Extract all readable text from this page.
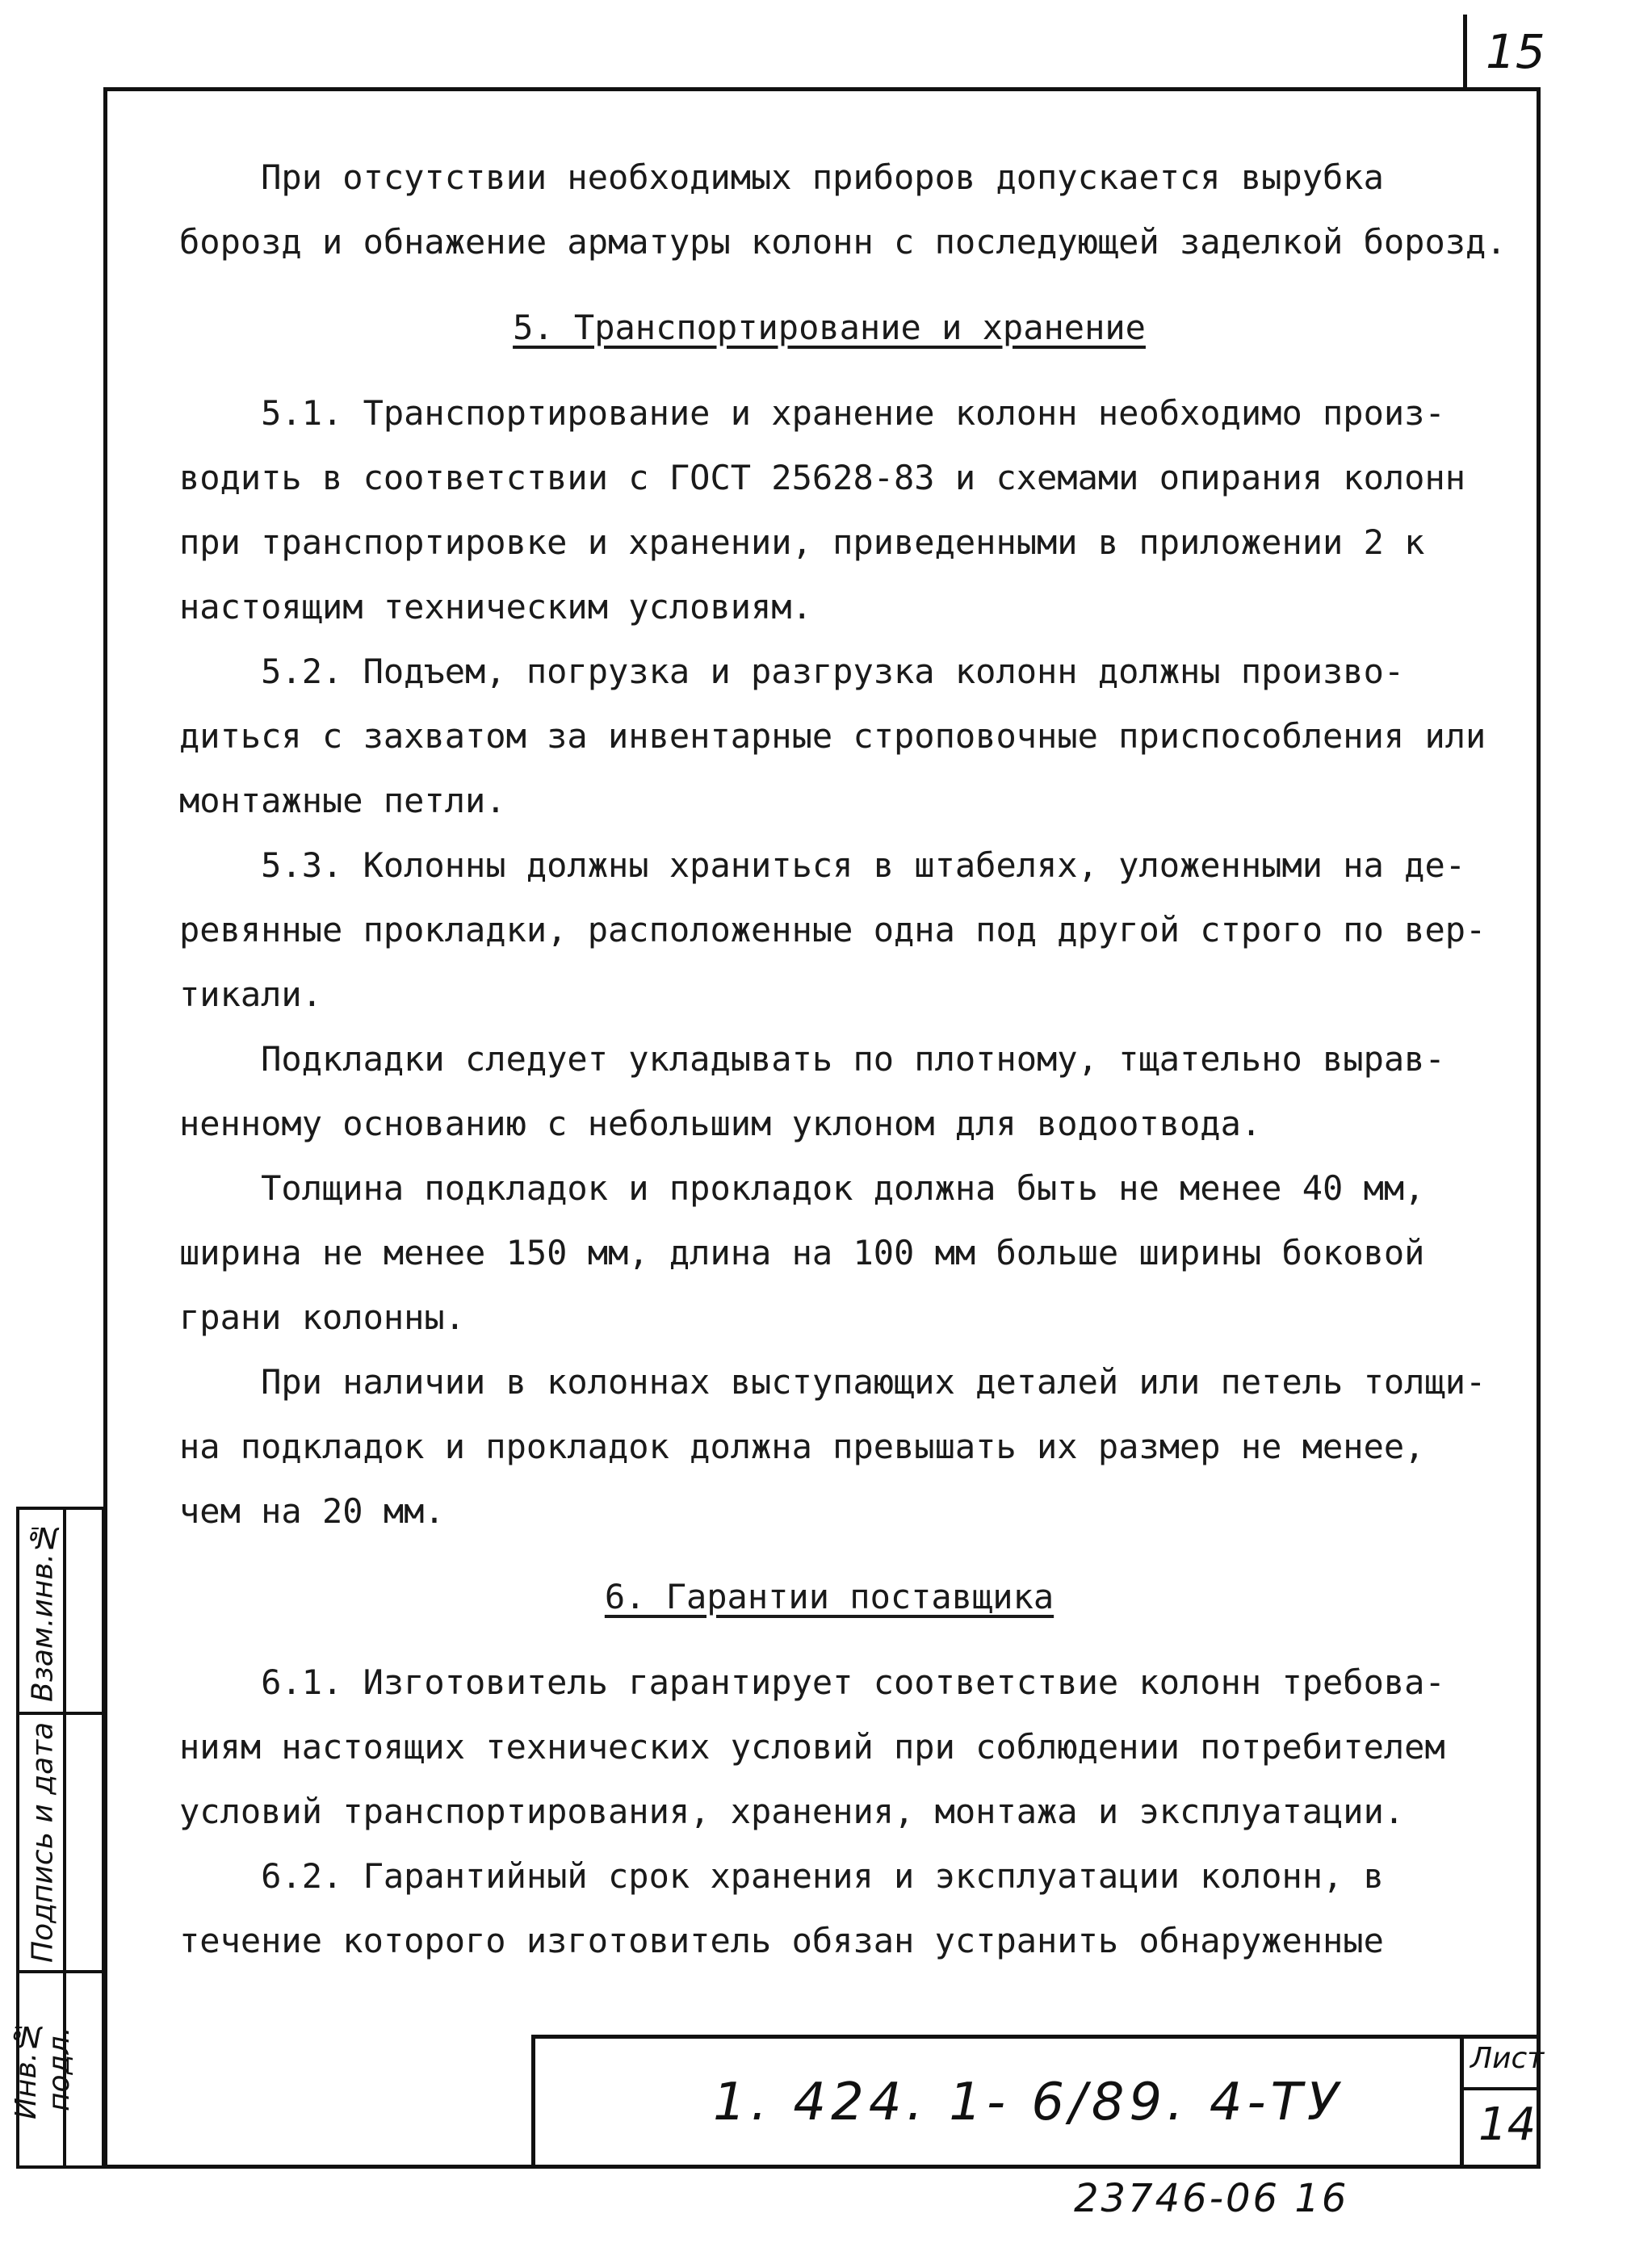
15

При отсутствии необходимых приборов допускается вырубка

борозд и обнажение арматуры колонн с последующей заделкой борозд.

5. Транспортирование и хранение

5.1. Транспортирование и хранение колонн необходимо произ-

водить в соответствии с ГОСТ 25628-83 и схемами опирания колонн

при транспортировке и хранении, приведенными в приложении 2 к

настоящим техническим условиям.

5.2. Подъем, погрузка и разгрузка колонн должны произво-

диться с захватом за инвентарные строповочные приспособления или

монтажные петли.

5.3. Колонны должны храниться в штабелях, уложенными на де-

ревянные прокладки, расположенные одна под другой строго по вер-

тикали.

Подкладки следует укладывать по плотному, тщательно вырав-

ненному основанию с небольшим уклоном для водоотвода.

Толщина подкладок и прокладок должна быть не менее 40 мм,

ширина не менее 150 мм, длина на 100 мм больше ширины боковой

грани колонны.

При наличии в колоннах выступающих деталей или петель толщи-

на подкладок и прокладок должна превышать их размер не менее,

чем на 20 мм.

6. Гарантии поставщика

6.1. Изготовитель гарантирует соответствие колонн требова-

ниям настоящих технических условий при соблюдении потребителем

условий транспортирования, хранения, монтажа и эксплуатации.

6.2. Гарантийный срок хранения и эксплуатации колонн, в

течение которого изготовитель обязан устранить обнаруженные

Взам.инв.№
Подпись и дата
Инв.№ подл.	1. 424. 1- 6/89. 4-ТУ
Лист
14
23746-06 16
